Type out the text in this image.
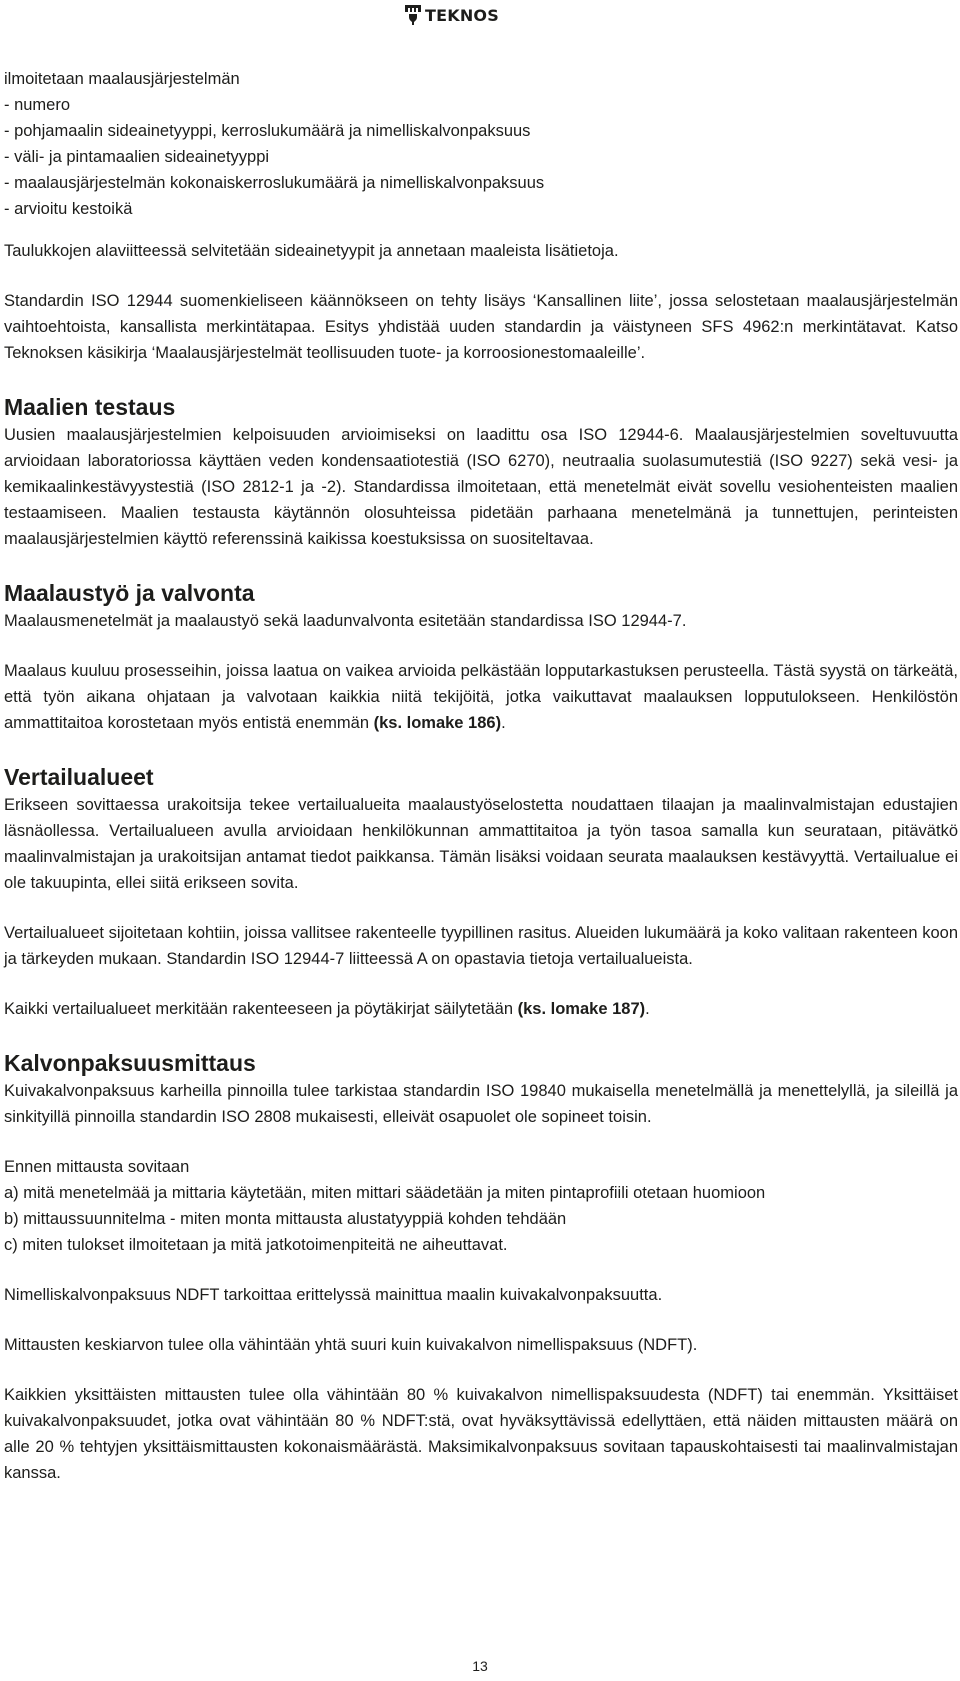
TEKNOS

ilmoitetaan maalausjärjestelmän
- numero
- pohjamaalin sideainetyyppi, kerroslukumäärä ja nimelliskalvonpaksuus
- väli- ja pintamaalien sideainetyyppi
- maalausjärjestelmän kokonaiskerroslukumäärä ja nimelliskalvonpaksuus
- arvioitu kestoikä

Taulukkojen alaviitteessä selvitetään sideainetyypit ja annetaan maaleista lisätietoja.

Standardin ISO 12944 suomenkieliseen käännökseen on tehty lisäys ‘Kansallinen liite’, jossa selostetaan maalausjärjestelmän vaihtoehtoista, kansallista merkintätapaa. Esitys yhdistää uuden standardin ja väistyneen SFS 4962:n merkintätavat. Katso Teknoksen käsikirja ‘Maalausjärjestelmät teollisuuden tuote- ja korroosionestomaaleille’.

Maalien testaus

Uusien maalausjärjestelmien kelpoisuuden arvioimiseksi on laadittu osa ISO 12944-6. Maalausjärjestelmien soveltuvuutta arvioidaan laboratoriossa käyttäen veden kondensaatiotestiä (ISO 6270), neutraalia suolasumutestiä (ISO 9227) sekä vesi- ja kemikaalinkestävyystestiä (ISO 2812-1 ja -2). Standardissa ilmoitetaan, että menetelmät eivät sovellu vesiohenteisten maalien testaamiseen. Maalien testausta käytännön olosuhteissa pidetään parhaana menetelmänä ja tunnettujen, perinteisten maalausjärjestelmien käyttö referenssinä kaikissa koestuksissa on suositeltavaa.

Maalaustyö ja valvonta

Maalausmenetelmät ja maalaustyö sekä laadunvalvonta esitetään standardissa ISO 12944-7.

Maalaus kuuluu prosesseihin, joissa laatua on vaikea arvioida pelkästään lopputarkastuksen perusteella. Tästä syystä on tärkeätä, että työn aikana ohjataan ja valvotaan kaikkia niitä tekijöitä, jotka vaikuttavat maalauksen lopputulokseen. Henkilöstön ammattitaitoa korostetaan myös entistä enemmän (ks. lomake 186).

Vertailualueet

Erikseen sovittaessa urakoitsija tekee vertailualueita maalaustyöselostetta noudattaen tilaajan ja maalinvalmistajan edustajien läsnäollessa. Vertailualueen avulla arvioidaan henkilökunnan ammattitaitoa ja työn tasoa samalla kun seurataan, pitävätkö maalinvalmistajan ja urakoitsijan antamat tiedot paikkansa. Tämän lisäksi voidaan seurata maalauksen kestävyyttä. Vertailualue ei ole takuupinta, ellei siitä erikseen sovita.

Vertailualueet sijoitetaan kohtiin, joissa vallitsee rakenteelle tyypillinen rasitus. Alueiden lukumäärä ja koko valitaan rakenteen koon ja tärkeyden mukaan. Standardin ISO 12944-7 liitteessä A on opastavia tietoja vertailualueista.

Kaikki vertailualueet merkitään rakenteeseen ja pöytäkirjat säilytetään (ks. lomake 187).

Kalvonpaksuusmittaus

Kuivakalvonpaksuus karheilla pinnoilla tulee tarkistaa standardin ISO 19840 mukaisella menetelmällä ja menettelyllä, ja sileillä ja sinkityillä pinnoilla standardin ISO 2808 mukaisesti, elleivät osapuolet ole sopineet toisin.

Ennen mittausta sovitaan
a) mitä menetelmää ja mittaria käytetään, miten mittari säädetään ja miten pintaprofiili otetaan huomioon
b) mittaussuunnitelma - miten monta mittausta alustatyyppiä kohden tehdään
c) miten tulokset ilmoitetaan ja mitä jatkotoimenpiteitä ne aiheuttavat.

Nimelliskalvonpaksuus NDFT tarkoittaa erittelyssä mainittua maalin kuivakalvonpaksuutta.

Mittausten keskiarvon tulee olla vähintään yhtä suuri kuin kuivakalvon nimellispaksuus (NDFT).

Kaikkien yksittäisten mittausten tulee olla vähintään 80 % kuivakalvon nimellispaksuudesta (NDFT) tai enemmän. Yksittäiset kuivakalvonpaksuudet, jotka ovat vähintään 80 % NDFT:stä, ovat hyväksyttävissä edellyttäen, että näiden mittausten määrä on alle 20 % tehtyjen yksittäismittausten kokonaismäärästä. Maksimikalvonpaksuus sovitaan tapauskohtaisesti tai maalinvalmistajan kanssa.

13
